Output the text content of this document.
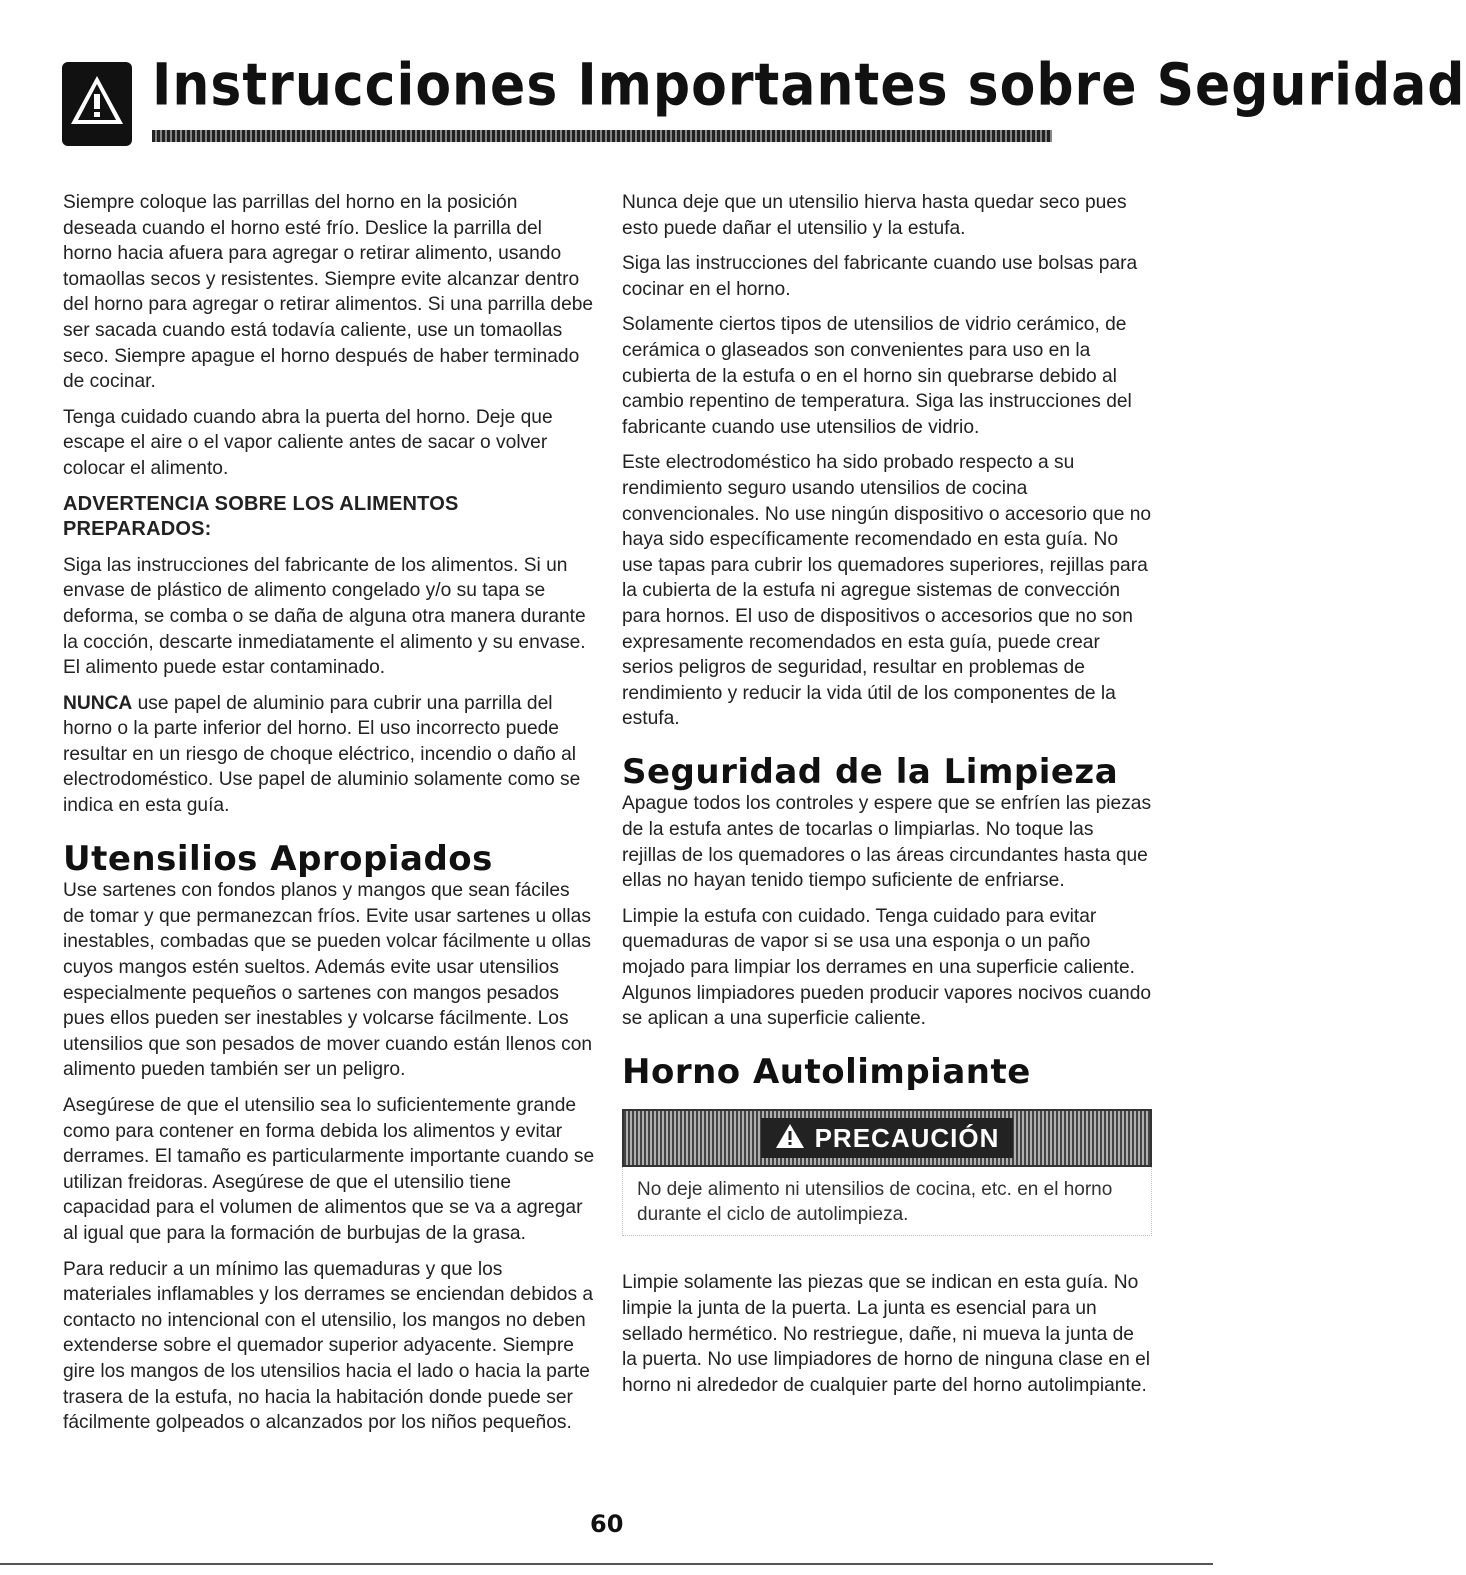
Instrucciones Importantes sobre Seguridad

Siempre coloque las parrillas del horno en la posición deseada cuando el horno esté frío. Deslice la parrilla del horno hacia afuera para agregar o retirar alimento, usando tomaollas secos y resistentes. Siempre evite alcanzar dentro del horno para agregar o retirar alimentos. Si una parrilla debe ser sacada cuando está todavía caliente, use un tomaollas seco. Siempre apague el horno después de haber terminado de cocinar.

Tenga cuidado cuando abra la puerta del horno. Deje que escape el aire o el vapor caliente antes de sacar o volver colocar el alimento.

ADVERTENCIA SOBRE LOS ALIMENTOS PREPARADOS:

Siga las instrucciones del fabricante de los alimentos. Si un envase de plástico de alimento congelado y/o su tapa se deforma, se comba o se daña de alguna otra manera durante la cocción, descarte inmediatamente el alimento y su envase. El alimento puede estar contaminado.

NUNCA use papel de aluminio para cubrir una parrilla del horno o la parte inferior del horno. El uso incorrecto puede resultar en un riesgo de choque eléctrico, incendio o daño al electrodoméstico. Use papel de aluminio solamente como se indica en esta guía.

Utensilios Apropiados

Use sartenes con fondos planos y mangos que sean fáciles de tomar y que permanezcan fríos. Evite usar sartenes u ollas inestables, combadas que se pueden volcar fácilmente u ollas cuyos mangos estén sueltos. Además evite usar utensilios especialmente pequeños o sartenes con mangos pesados pues ellos pueden ser inestables y volcarse fácilmente. Los utensilios que son pesados de mover cuando están llenos con alimento pueden también ser un peligro.

Asegúrese de que el utensilio sea lo suficientemente grande como para contener en forma debida los alimentos y evitar derrames. El tamaño es particularmente importante cuando se utilizan freidoras. Asegúrese de que el utensilio tiene capacidad para el volumen de alimentos que se va a agregar al igual que para la formación de burbujas de la grasa.

Para reducir a un mínimo las quemaduras y que los materiales inflamables y los derrames se enciendan debidos a contacto no intencional con el utensilio, los mangos no deben extenderse sobre el quemador superior adyacente. Siempre gire los mangos de los utensilios hacia el lado o hacia la parte trasera de la estufa, no hacia la habitación donde puede ser fácilmente golpeados o alcanzados por los niños pequeños.

Nunca deje que un utensilio hierva hasta quedar seco pues esto puede dañar el utensilio y la estufa.

Siga las instrucciones del fabricante cuando use bolsas para cocinar en el horno.

Solamente ciertos tipos de utensilios de vidrio cerámico, de cerámica o glaseados son convenientes para uso en la cubierta de la estufa o en el horno sin quebrarse debido al cambio repentino de temperatura. Siga las instrucciones del fabricante cuando use utensilios de vidrio.

Este electrodoméstico ha sido probado respecto a su rendimiento seguro usando utensilios de cocina convencionales. No use ningún dispositivo o accesorio que no haya sido específicamente recomendado en esta guía. No use tapas para cubrir los quemadores superiores, rejillas para la cubierta de la estufa ni agregue sistemas de convección para hornos. El uso de dispositivos o accesorios que no son expresamente recomendados en esta guía, puede crear serios peligros de seguridad, resultar en problemas de rendimiento y reducir la vida útil de los componentes de la estufa.

Seguridad de la Limpieza

Apague todos los controles y espere que se enfríen las piezas de la estufa antes de tocarlas o limpiarlas. No toque las rejillas de los quemadores o las áreas circundantes hasta que ellas no hayan tenido tiempo suficiente de enfriarse.

Limpie la estufa con cuidado. Tenga cuidado para evitar quemaduras de vapor si se usa una esponja o un paño mojado para limpiar los derrames en una superficie caliente. Algunos limpiadores pueden producir vapores nocivos cuando se aplican a una superficie caliente.

Horno Autolimpiante
PRECAUCIÓN
No deje alimento ni utensilios de cocina, etc. en el horno durante el ciclo de autolimpieza.

Limpie solamente las piezas que se indican en esta guía. No limpie la junta de la puerta. La junta es esencial para un sellado hermético. No restriegue, dañe, ni mueva la junta de la puerta. No use limpiadores de horno de ninguna clase en el horno ni alrededor de cualquier parte del horno autolimpiante.

60
